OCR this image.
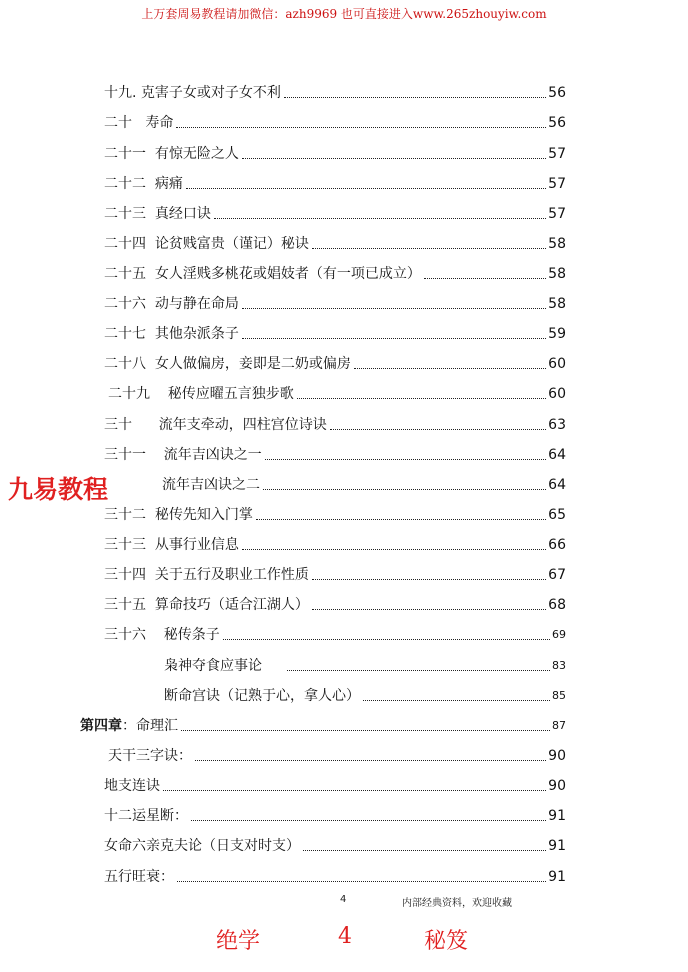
上万套周易教程请加微信：azh9969 也可直接进入www.265zhouyiw.com
九易教程
十九. 克害子女或对子女不利	56
二十   寿命	56
二十一  有惊无险之人	57
二十二  病痛	57
二十三  真经口诀	57
二十四  论贫贱富贵（谨记）秘诀	58
二十五  女人淫贱多桃花或娼妓者（有一项已成立）	58
二十六  动与静在命局	58
二十七  其他杂派条子	59
二十八  女人做偏房，妾即是二奶或偏房	60
二十九    秘传应曜五言独步歌	60
三十      流年支牵动，四柱宫位诗诀	63
三十一    流年吉凶诀之一	64
流年吉凶诀之二	64
三十二  秘传先知入门掌	65
三十三  从事行业信息	66
三十四  关于五行及职业工作性质	67
三十五  算命技巧（适合江湖人）	68
三十六    秘传条子	69
枭神夺食应事论	83
断命宫诀（记熟于心，拿人心）	85
第四章：命理汇	87
天干三字诀：	90
地支连诀	90
十二运星断：	91
女命六亲克夫论（日支对时支）	91
五行旺衰：	91
4	内部经典资料，欢迎收藏
绝学	4	秘笈
